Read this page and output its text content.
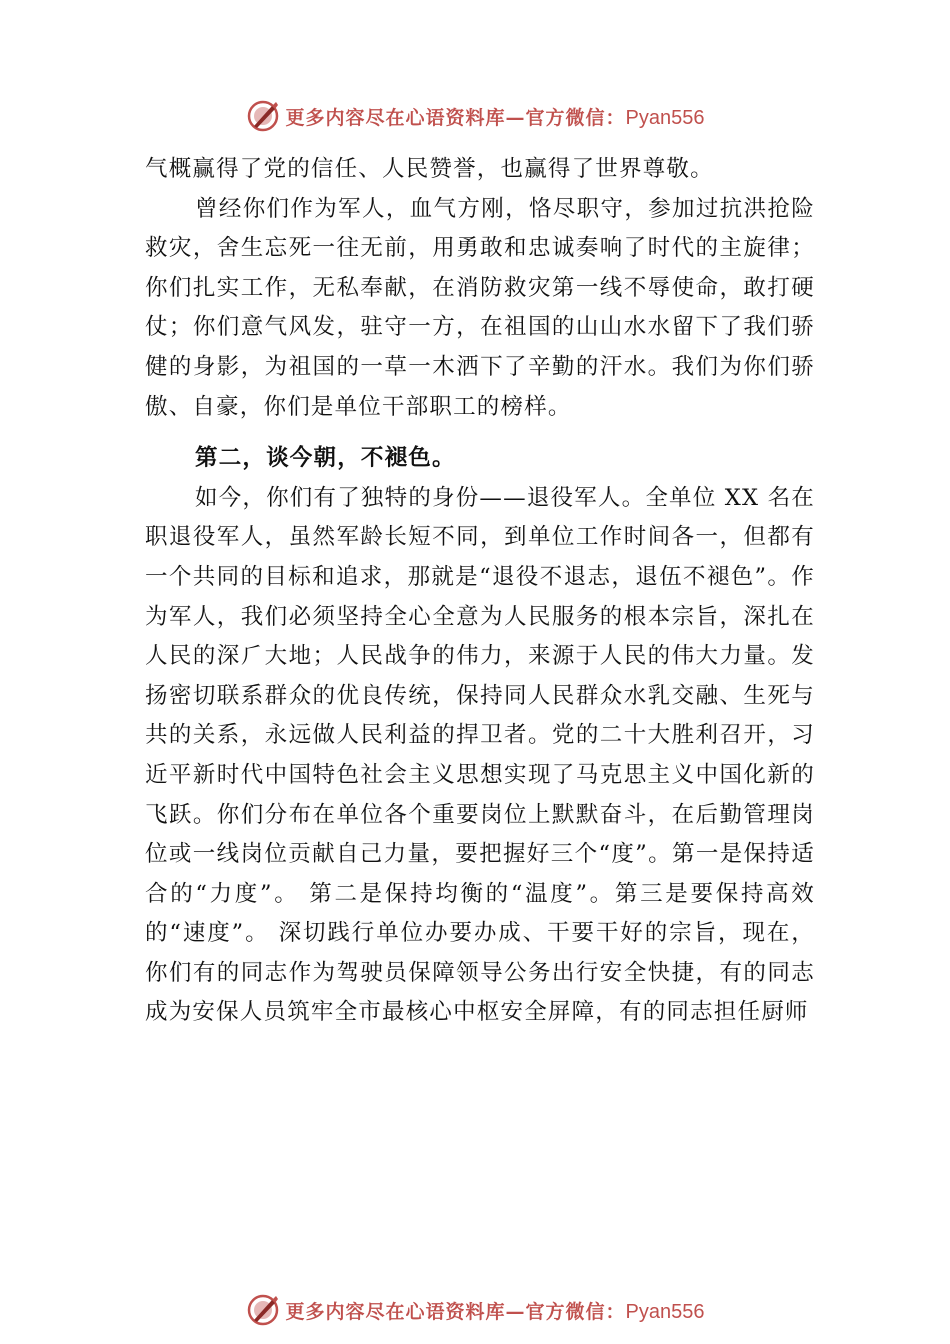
更多内容尽在心语资料库—官方微信：Pyan556

气概赢得了党的信任、人民赞誉，也赢得了世界尊敬。

曾经你们作为军人，血气方刚，恪尽职守，参加过抗洪抢险救灾，舍生忘死一往无前，用勇敢和忠诚奏响了时代的主旋律；你们扎实工作，无私奉献，在消防救灾第一线不辱使命，敢打硬仗；你们意气风发，驻守一方，在祖国的山山水水留下了我们骄健的身影，为祖国的一草一木洒下了辛勤的汗水。我们为你们骄傲、自豪，你们是单位干部职工的榜样。

第二，谈今朝，不褪色。

如今，你们有了独特的身份——退役军人。全单位 XX 名在职退役军人，虽然军龄长短不同，到单位工作时间各一，但都有一个共同的目标和追求，那就是“退役不退志，退伍不褪色”。作为军人，我们必须坚持全心全意为人民服务的根本宗旨，深扎在人民的深⺁大地；人民战争的伟力，来源于人民的伟大力量。发扬密切联系群众的优良传统，保持同人民群众水乳交融、生死与共的关系，永远做人民利益的捍卫者。党的二十大胜利召开，习近平新时代中国特色社会主义思想实现了马克思主义中国化新的飞跃。你们分布在单位各个重要岗位上默默奋斗，在后勤管理岗位或一线岗位贡献自己力量，要把握好三个“度”。第一是保持适合的“力度”。 第二是保持均衡的“温度”。第三是要保持高效的“速度”。 深切践行单位办要办成、干要干好的宗旨，现在，你们有的同志作为驾驶员保障领导公务出行安全快捷，有的同志成为安保人员筑牢全市最核心中枢安全屏障，有的同志担任厨师

更多内容尽在心语资料库—官方微信：Pyan556
